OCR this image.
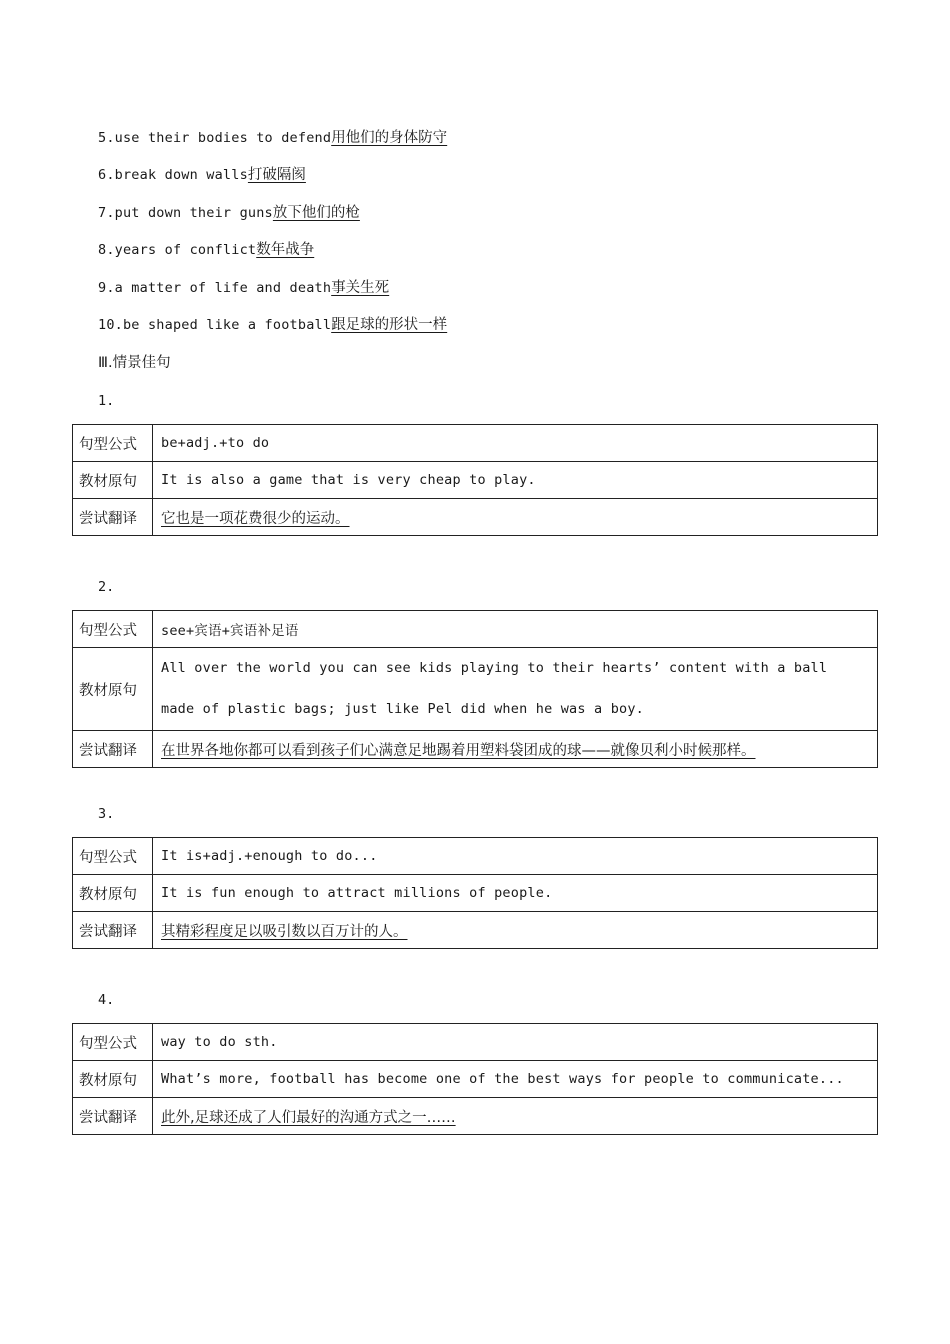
5.use their bodies to defend用他们的身体防守
6.break down walls打破隔阂
7.put down their guns放下他们的枪
8.years of conflict数年战争
9.a matter of life and death事关生死
10.be shaped like a football跟足球的形状一样
Ⅲ.情景佳句
1.
句型公式	be+adj.+to do
教材原句	It is also a game that is very cheap to play.
尝试翻译	它也是一项花费很少的运动。
2.
句型公式	see+宾语+宾语补足语
教材原句	All over the world you can see kids playing to their hearts’ content with a ball
made of plastic bags; just like Pel did when he was a boy.

尝试翻译	在世界各地你都可以看到孩子们心满意足地踢着用塑料袋团成的球——就像贝利小时候那样。
3.
句型公式	It is+adj.+enough to do...
教材原句	It is fun enough to attract millions of people.
尝试翻译	其精彩程度足以吸引数以百万计的人。
4.
句型公式	way to do sth.
教材原句	What’s more, football has become one of the best ways for people to communicate...
尝试翻译	此外,足球还成了人们最好的沟通方式之一……
